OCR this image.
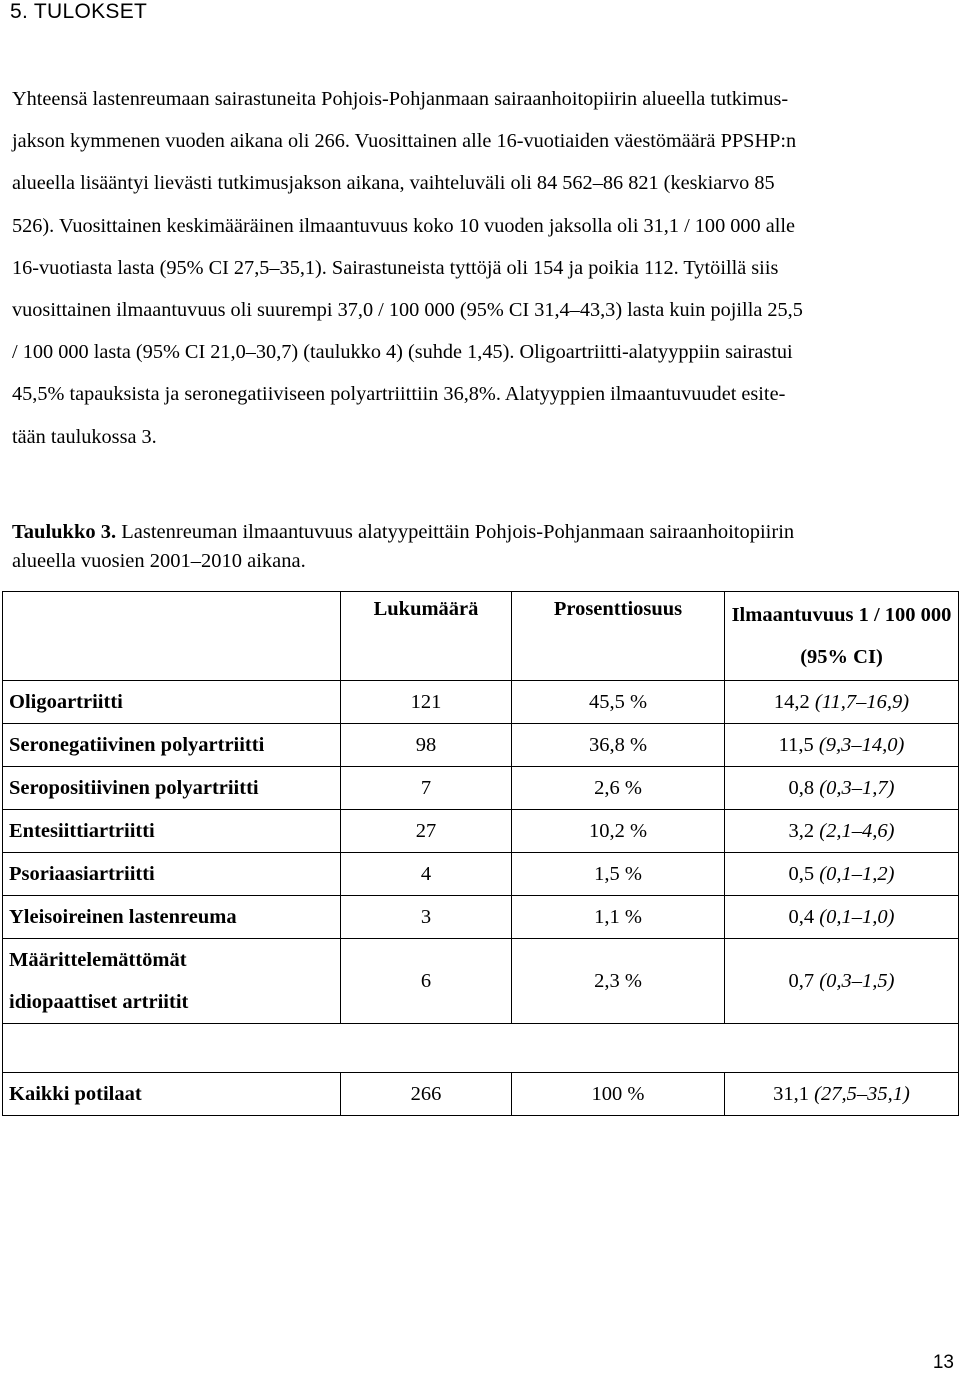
5. TULOKSET
Yhteensä lastenreumaan sairastuneita Pohjois-Pohjanmaan sairaanhoitopiirin alueella tutkimus-
jakson kymmenen vuoden aikana oli 266. Vuosittainen alle 16-vuotiaiden väestömäärä PPSHP:n
alueella lisääntyi lievästi tutkimusjakson aikana, vaihteluväli oli 84 562–86 821 (keskiarvo 85
526). Vuosittainen keskimääräinen ilmaantuvuus koko 10 vuoden jaksolla oli 31,1 / 100 000 alle
16-vuotiasta lasta (95% CI 27,5–35,1). Sairastuneista tyttöjä oli 154 ja poikia 112. Tytöillä siis
vuosittainen ilmaantuvuus oli suurempi 37,0 / 100 000 (95% CI 31,4–43,3) lasta kuin pojilla 25,5
/ 100 000 lasta (95% CI 21,0–30,7) (taulukko 4) (suhde 1,45). Oligoartriitti-alatyyppiin sairastui
45,5% tapauksista ja seronegatiiviseen polyartriittiin 36,8%. Alatyyppien ilmaantuvuudet esite-
tään taulukossa 3.
Taulukko 3. Lastenreuman ilmaantuvuus alatyypeittäin Pohjois-Pohjanmaan sairaanhoitopiirin
alueella vuosien 2001–2010 aikana.
	Lukumäärä	Prosenttiosuus	Ilmaantuvuus 1 / 100 000
(95% CI)
Oligoartriitti	121	45,5 %	14,2 (11,7–16,9)
Seronegatiivinen polyartriitti	98	36,8 %	11,5 (9,3–14,0)
Seropositiivinen polyartriitti	7	2,6 %	0,8 (0,3–1,7)
Entesiittiartriitti	27	10,2 %	3,2 (2,1–4,6)
Psoriaasiartriitti	4	1,5 %	0,5 (0,1–1,2)
Yleisoireinen lastenreuma	3	1,1 %	0,4 (0,1–1,0)
Määrittelemättömät
idiopaattiset artriitit	6	2,3 %	0,7 (0,3–1,5)

Kaikki potilaat	266	100 %	31,1 (27,5–35,1)
13
